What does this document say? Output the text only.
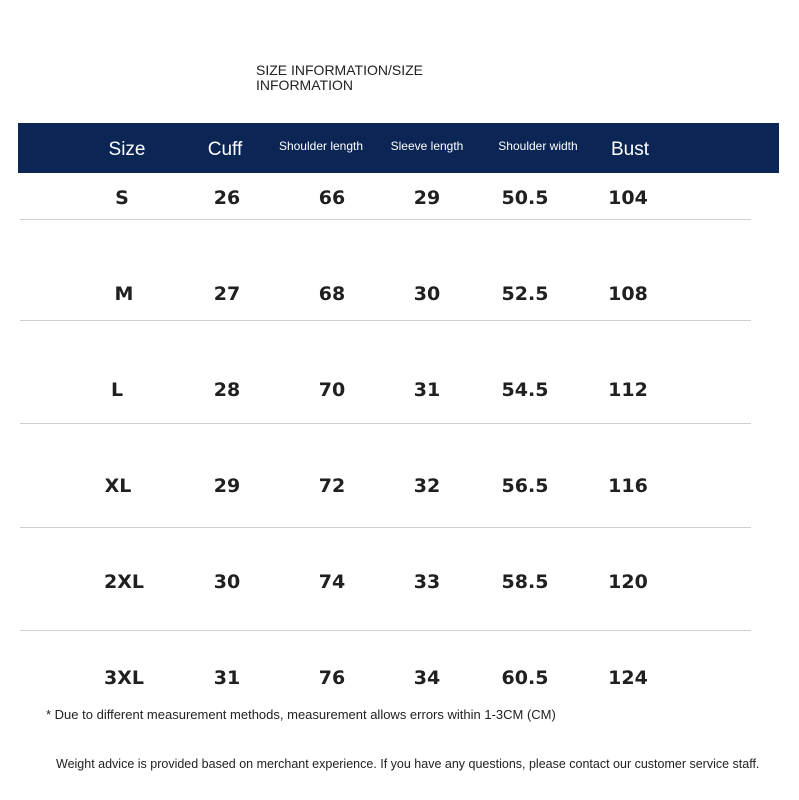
SIZE INFORMATION/SIZE INFORMATION
Size	Cuff	Shoulder length	Sleeve length	Shoulder width	Bust
S	26	66	29	50.5	104
M	27	68	30	52.5	108
L	28	70	31	54.5	112
XL	29	72	32	56.5	116
2XL	30	74	33	58.5	120
3XL	31	76	34	60.5	124
* Due to different measurement methods, measurement allows errors within 1-3CM (CM)
Weight advice is provided based on merchant experience. If you have any questions, please contact our customer service staff.
